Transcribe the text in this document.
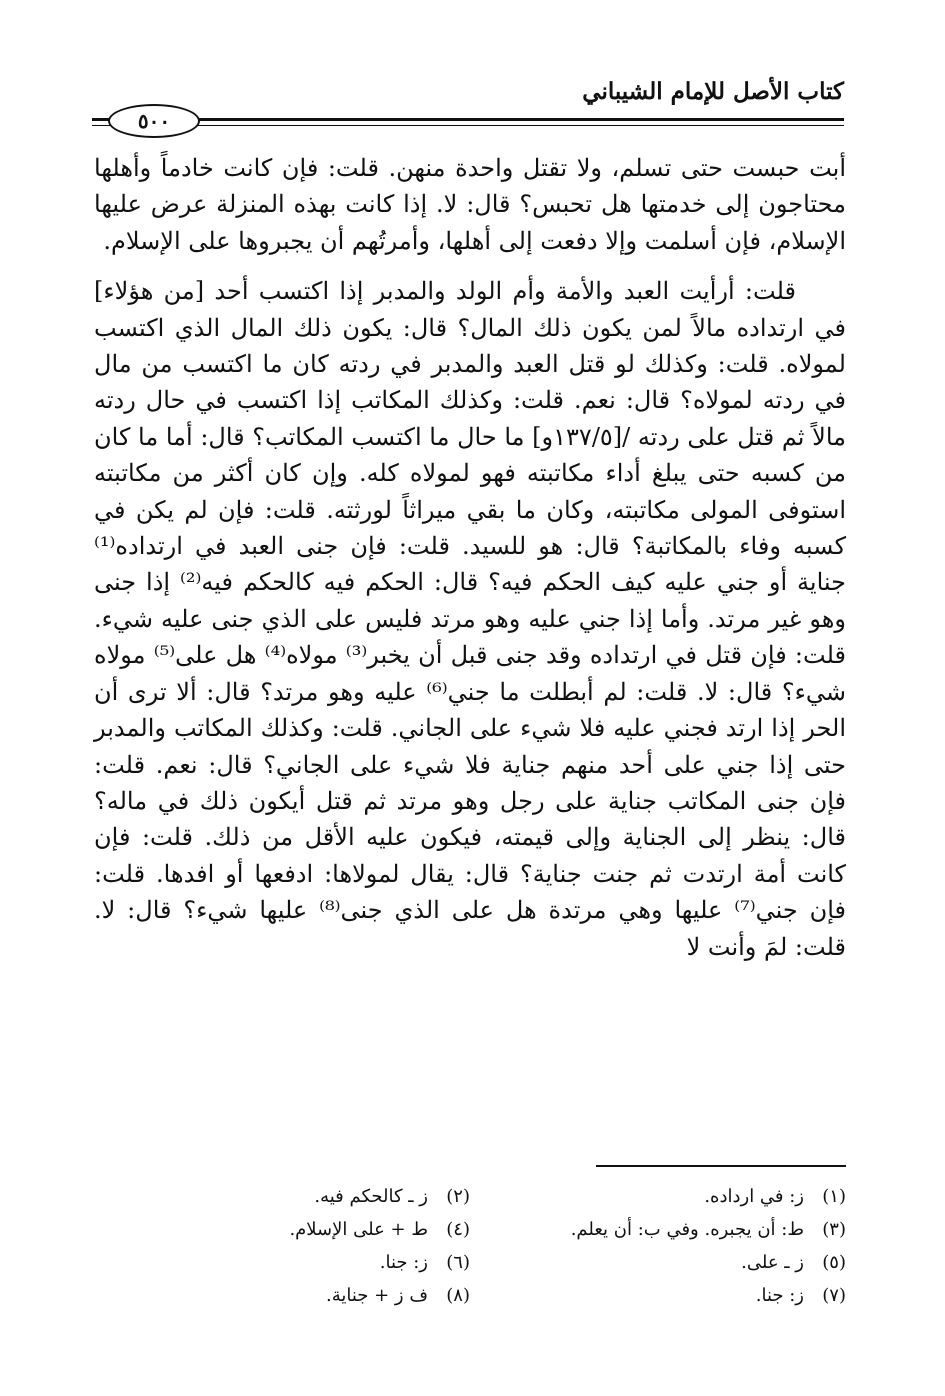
كتاب الأصل للإمام الشيباني
٥٠٠

أبت حبست حتى تسلم، ولا تقتل واحدة منهن. قلت: فإن كانت خادماً وأهلها محتاجون إلى خدمتها هل تحبس؟ قال: لا. إذا كانت بهذه المنزلة عرض عليها الإسلام، فإن أسلمت وإلا دفعت إلى أهلها، وأمرتُهم أن يجبروها على الإسلام.

قلت: أرأيت العبد والأمة وأم الولد والمدبر إذا اكتسب أحد [من هؤلاء] في ارتداده مالاً لمن يكون ذلك المال؟ قال: يكون ذلك المال الذي اكتسب لمولاه. قلت: وكذلك لو قتل العبد والمدبر في ردته كان ما اكتسب من مال في ردته لمولاه؟ قال: نعم. قلت: وكذلك المكاتب إذا اكتسب في حال ردته مالاً ثم قتل على ردته /[١٣٧/٥و] ما حال ما اكتسب المكاتب؟ قال: أما ما كان من كسبه حتى يبلغ أداء مكاتبته فهو لمولاه كله. وإن كان أكثر من مكاتبته استوفى المولى مكاتبته، وكان ما بقي ميراثاً لورثته. قلت: فإن لم يكن في كسبه وفاء بالمكاتبة؟ قال: هو للسيد. قلت: فإن جنى العبد في ارتداده⁽¹⁾ جناية أو جني عليه كيف الحكم فيه؟ قال: الحكم فيه كالحكم فيه⁽²⁾ إذا جنى وهو غير مرتد. وأما إذا جني عليه وهو مرتد فليس على الذي جنى عليه شيء. قلت: فإن قتل في ارتداده وقد جنى قبل أن يخبر⁽³⁾ مولاه⁽⁴⁾ هل على⁽⁵⁾ مولاه شيء؟ قال: لا. قلت: لم أبطلت ما جني⁽⁶⁾ عليه وهو مرتد؟ قال: ألا ترى أن الحر إذا ارتد فجني عليه فلا شيء على الجاني. قلت: وكذلك المكاتب والمدبر حتى إذا جني على أحد منهم جناية فلا شيء على الجاني؟ قال: نعم. قلت: فإن جنى المكاتب جناية على رجل وهو مرتد ثم قتل أيكون ذلك في ماله؟ قال: ينظر إلى الجناية وإلى قيمته، فيكون عليه الأقل من ذلك. قلت: فإن كانت أمة ارتدت ثم جنت جناية؟ قال: يقال لمولاها: ادفعها أو افدها. قلت: فإن جني⁽⁷⁾ عليها وهي مرتدة هل على الذي جنى⁽⁸⁾ عليها شيء؟ قال: لا. قلت: لمَ وأنت لا

(١)ز: في ارداده.
(٣)ط: أن يجبره. وفي ب: أن يعلم.
(٥)ز ـ على.
(٧)ز: جنا.
(٢)ز ـ كالحكم فيه.
(٤)ط + على الإسلام.
(٦)ز: جنا.
(٨)ف ز + جناية.
